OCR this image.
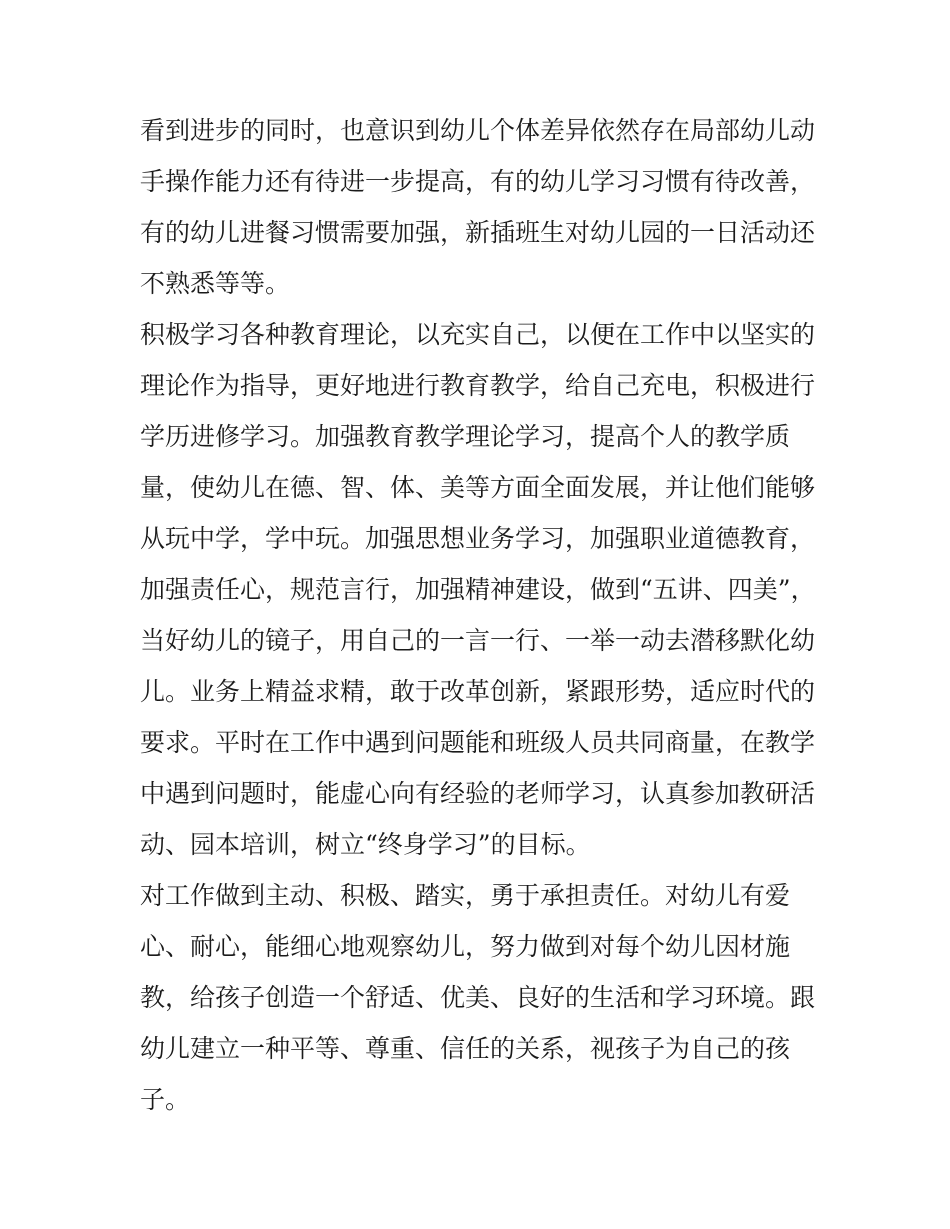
看到进步的同时，也意识到幼儿个体差异依然存在局部幼儿动
手操作能力还有待进一步提高，有的幼儿学习习惯有待改善，
有的幼儿进餐习惯需要加强，新插班生对幼儿园的一日活动还
不熟悉等等。

积极学习各种教育理论，以充实自己，以便在工作中以坚实的
理论作为指导，更好地进行教育教学，给自己充电，积极进行
学历进修学习。加强教育教学理论学习，提高个人的教学质
量，使幼儿在德、智、体、美等方面全面发展，并让他们能够
从玩中学，学中玩。加强思想业务学习，加强职业道德教育，
加强责任心，规范言行，加强精神建设，做到“五讲、四美”，
当好幼儿的镜子，用自己的一言一行、一举一动去潜移默化幼
儿。业务上精益求精，敢于改革创新，紧跟形势，适应时代的
要求。平时在工作中遇到问题能和班级人员共同商量，在教学
中遇到问题时，能虚心向有经验的老师学习，认真参加教研活
动、园本培训，树立“终身学习”的目标。

对工作做到主动、积极、踏实，勇于承担责任。对幼儿有爱
心、耐心，能细心地观察幼儿，努力做到对每个幼儿因材施
教，给孩子创造一个舒适、优美、良好的生活和学习环境。跟
幼儿建立一种平等、尊重、信任的关系，视孩子为自己的孩
子。
